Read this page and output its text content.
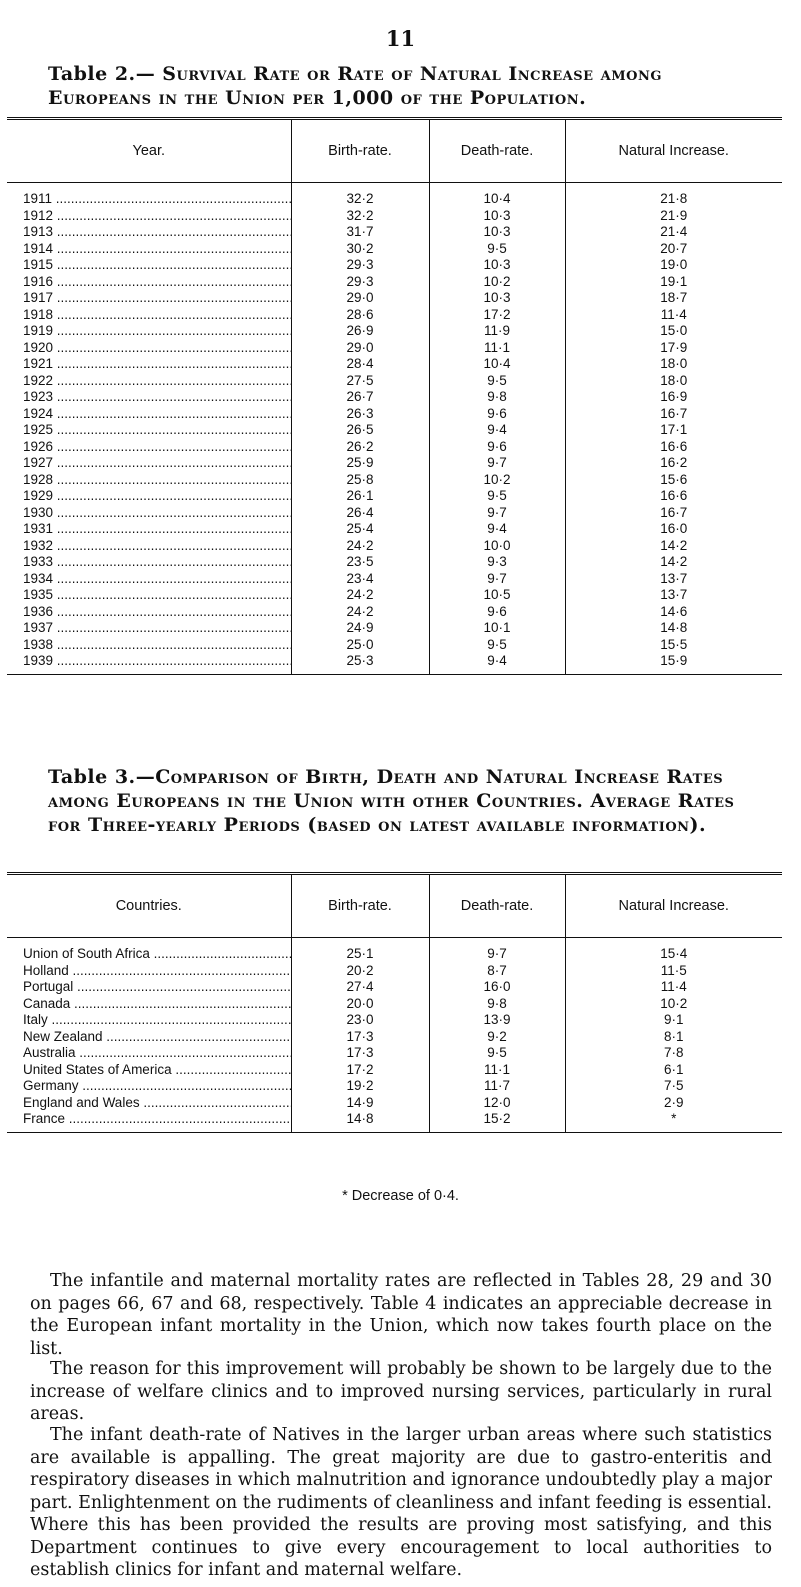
11
Table 2.— Survival Rate or Rate of Natural Increase among Europeans in the Union per 1,000 of the Population.
Year.	Birth-rate.	Death-rate.	Natural Increase.
1911 .....	32·2	10·4	21·8
1912 .....	32·2	10·3	21·9
1913 .....	31·7	10·3	21·4
1914 .....	30·2	9·5	20·7
1915 .....	29·3	10·3	19·0
1916 .....	29·3	10·2	19·1
1917 .....	29·0	10·3	18·7
1918 .....	28·6	17·2	11·4
1919 .....	26·9	11·9	15·0
1920 .....	29·0	11·1	17·9
1921 .....	28·4	10·4	18·0
1922 .....	27·5	9·5	18·0
1923 .....	26·7	9·8	16·9
1924 .....	26·3	9·6	16·7
1925 .....	26·5	9·4	17·1
1926 .....	26·2	9·6	16·6
1927 .....	25·9	9·7	16·2
1928 .....	25·8	10·2	15·6
1929 .....	26·1	9·5	16·6
1930 .....	26·4	9·7	16·7
1931 .....	25·4	9·4	16·0
1932 .....	24·2	10·0	14·2
1933 .....	23·5	9·3	14·2
1934 .....	23·4	9·7	13·7
1935 .....	24·2	10·5	13·7
1936 .....	24·2	9·6	14·6
1937 .....	24·9	10·1	14·8
1938 .....	25·0	9·5	15·5
1939 .....	25·3	9·4	15·9
Table 3.—Comparison of Birth, Death and Natural Increase Rates among Europeans in the Union with other Countries. Average Rates for Three-yearly Periods (based on latest available information).
Countries.	Birth-rate.	Death-rate.	Natural Increase.
Union of South Africa .....	25·1	9·7	15·4
Holland .....	20·2	8·7	11·5
Portugal .....	27·4	16·0	11·4
Canada .....	20·0	9·8	10·2
Italy .....	23·0	13·9	9·1
New Zealand .....	17·3	9·2	8·1
Australia .....	17·3	9·5	7·8
United States of America .....	17·2	11·1	6·1
Germany .....	19·2	11·7	7·5
England and Wales .....	14·9	12·0	2·9
France .....	14·8	15·2	*
* Decrease of 0·4.

The infantile and maternal mortality rates are reflected in Tables 28, 29 and 30 on pages 66, 67 and 68, respectively. Table 4 indicates an appreciable decrease in the European infant mortality in the Union, which now takes fourth place on the list.

The reason for this improvement will probably be shown to be largely due to the increase of welfare clinics and to improved nursing services, particularly in rural areas.

The infant death-rate of Natives in the larger urban areas where such statistics are available is appalling. The great majority are due to gastro-enteritis and respiratory diseases in which malnutrition and ignorance undoubtedly play a major part. Enlightenment on the rudiments of cleanliness and infant feeding is essential. Where this has been provided the results are proving most satisfying, and this Department continues to give every encouragement to local authorities to establish clinics for infant and maternal welfare.
